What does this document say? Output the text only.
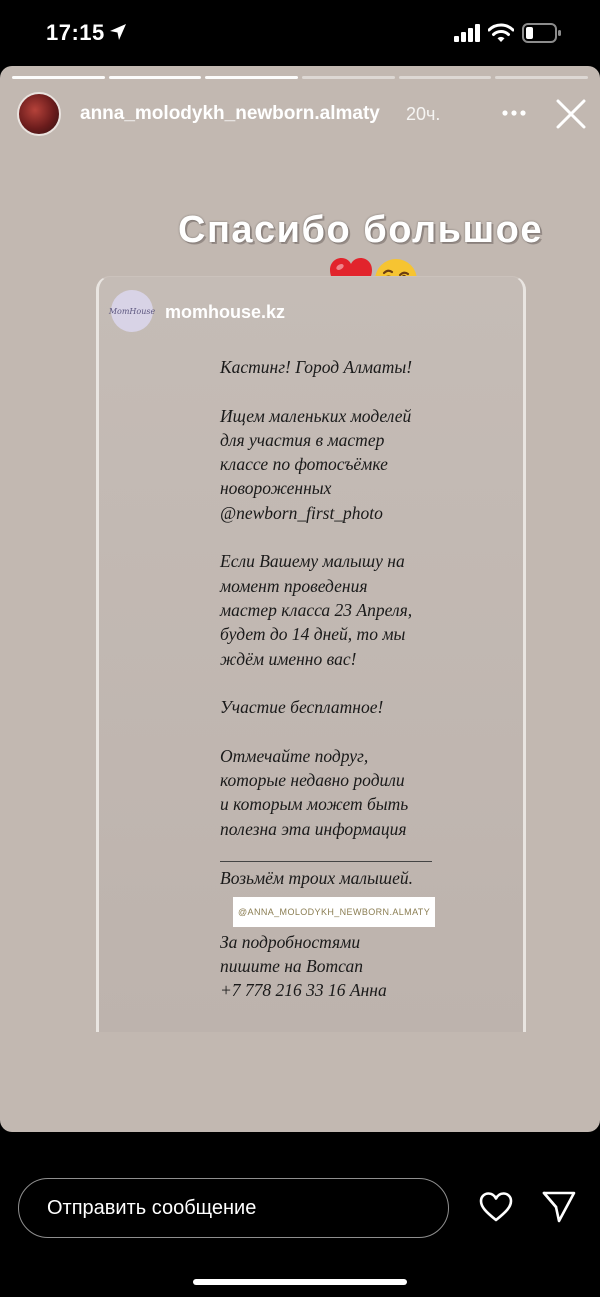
17:15
anna_molodykh_newborn.almaty 20ч.
Спасибо большое
MomHouse momhouse.kz

Кастинг! Город Алматы!

Ищем маленьких моделей
для участия в мастер
классе по фотосъёмке
новороженных
@newborn_first_photo

Если Вашему малышу на
момент проведения
мастер класса 23 Апреля,
будет до 14 дней, то мы
ждём именно вас!

Участие бесплатное!

Отмечайте подруг,
которые недавно родили
и которым может быть
полезна эта информация

Возьмём троих малышей.

@ANNA_MOLODYKH_NEWBORN.ALMATY

За подробностями
пишите на Вотсап
+7 778 216 33 16 Анна

Отправить сообщение
